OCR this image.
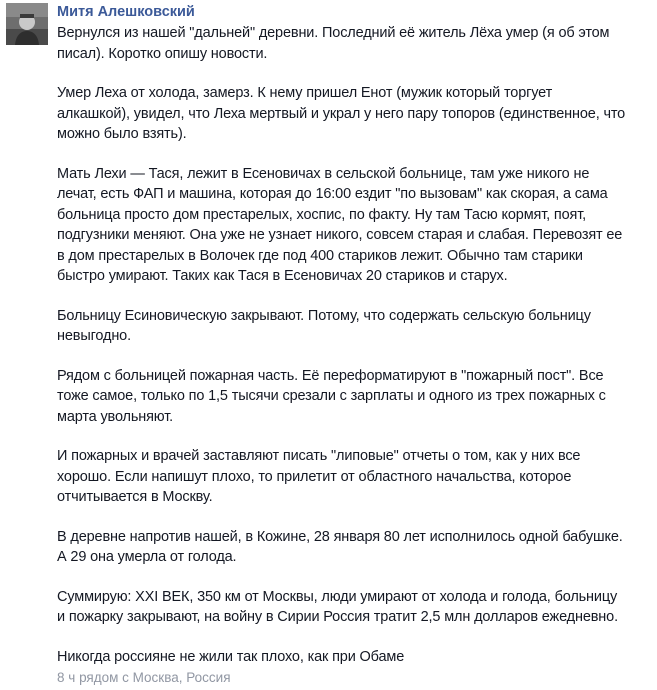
Митя Алешковский

Вернулся из нашей "дальней" деревни. Последний её житель Лёха умер (я об этом
писал). Коротко опишу новости.

Умер Леха от холода, замерз. К нему пришел Енот (мужик который торгует
алкашкой), увидел, что Леха мертвый и украл у него пару топоров (единственное, что
можно было взять).

Мать Лехи — Тася, лежит в Есеновичах в сельской больнице, там уже никого не
лечат, есть ФАП и машина, которая до 16:00 ездит "по вызовам" как скорая, а сама
больница просто дом престарелых, хоспис, по факту. Ну там Тасю кормят, поят,
подгузники меняют. Она уже не узнает никого, совсем старая и слабая. Перевозят ее
в дом престарелых в Волочек где под 400 стариков лежит. Обычно там старики
быстро умирают. Таких как Тася в Есеновичах 20 стариков и старух.

Больницу Есиновическую закрывают. Потому, что содержать сельскую больницу
невыгодно.

Рядом с больницей пожарная часть. Её переформатируют в "пожарный пост". Все
тоже самое, только по 1,5 тысячи срезали с зарплаты и одного из трех пожарных с
марта увольняют.

И пожарных и врачей заставляют писать "липовые" отчеты о том, как у них все
хорошо. Если напишут плохо, то прилетит от областного начальства, которое
отчитывается в Москву.

В деревне напротив нашей, в Кожине, 28 января 80 лет исполнилось одной бабушке.
А 29 она умерла от голода.

Суммирую: XXI ВЕК, 350 км от Москвы, люди умирают от холода и голода, больницу
и пожарку закрывают, на войну в Сирии Россия тратит 2,5 млн долларов ежедневно.

Никогда россияне не жили так плохо, как при Обаме

8 ч рядом с Москва, Россия
